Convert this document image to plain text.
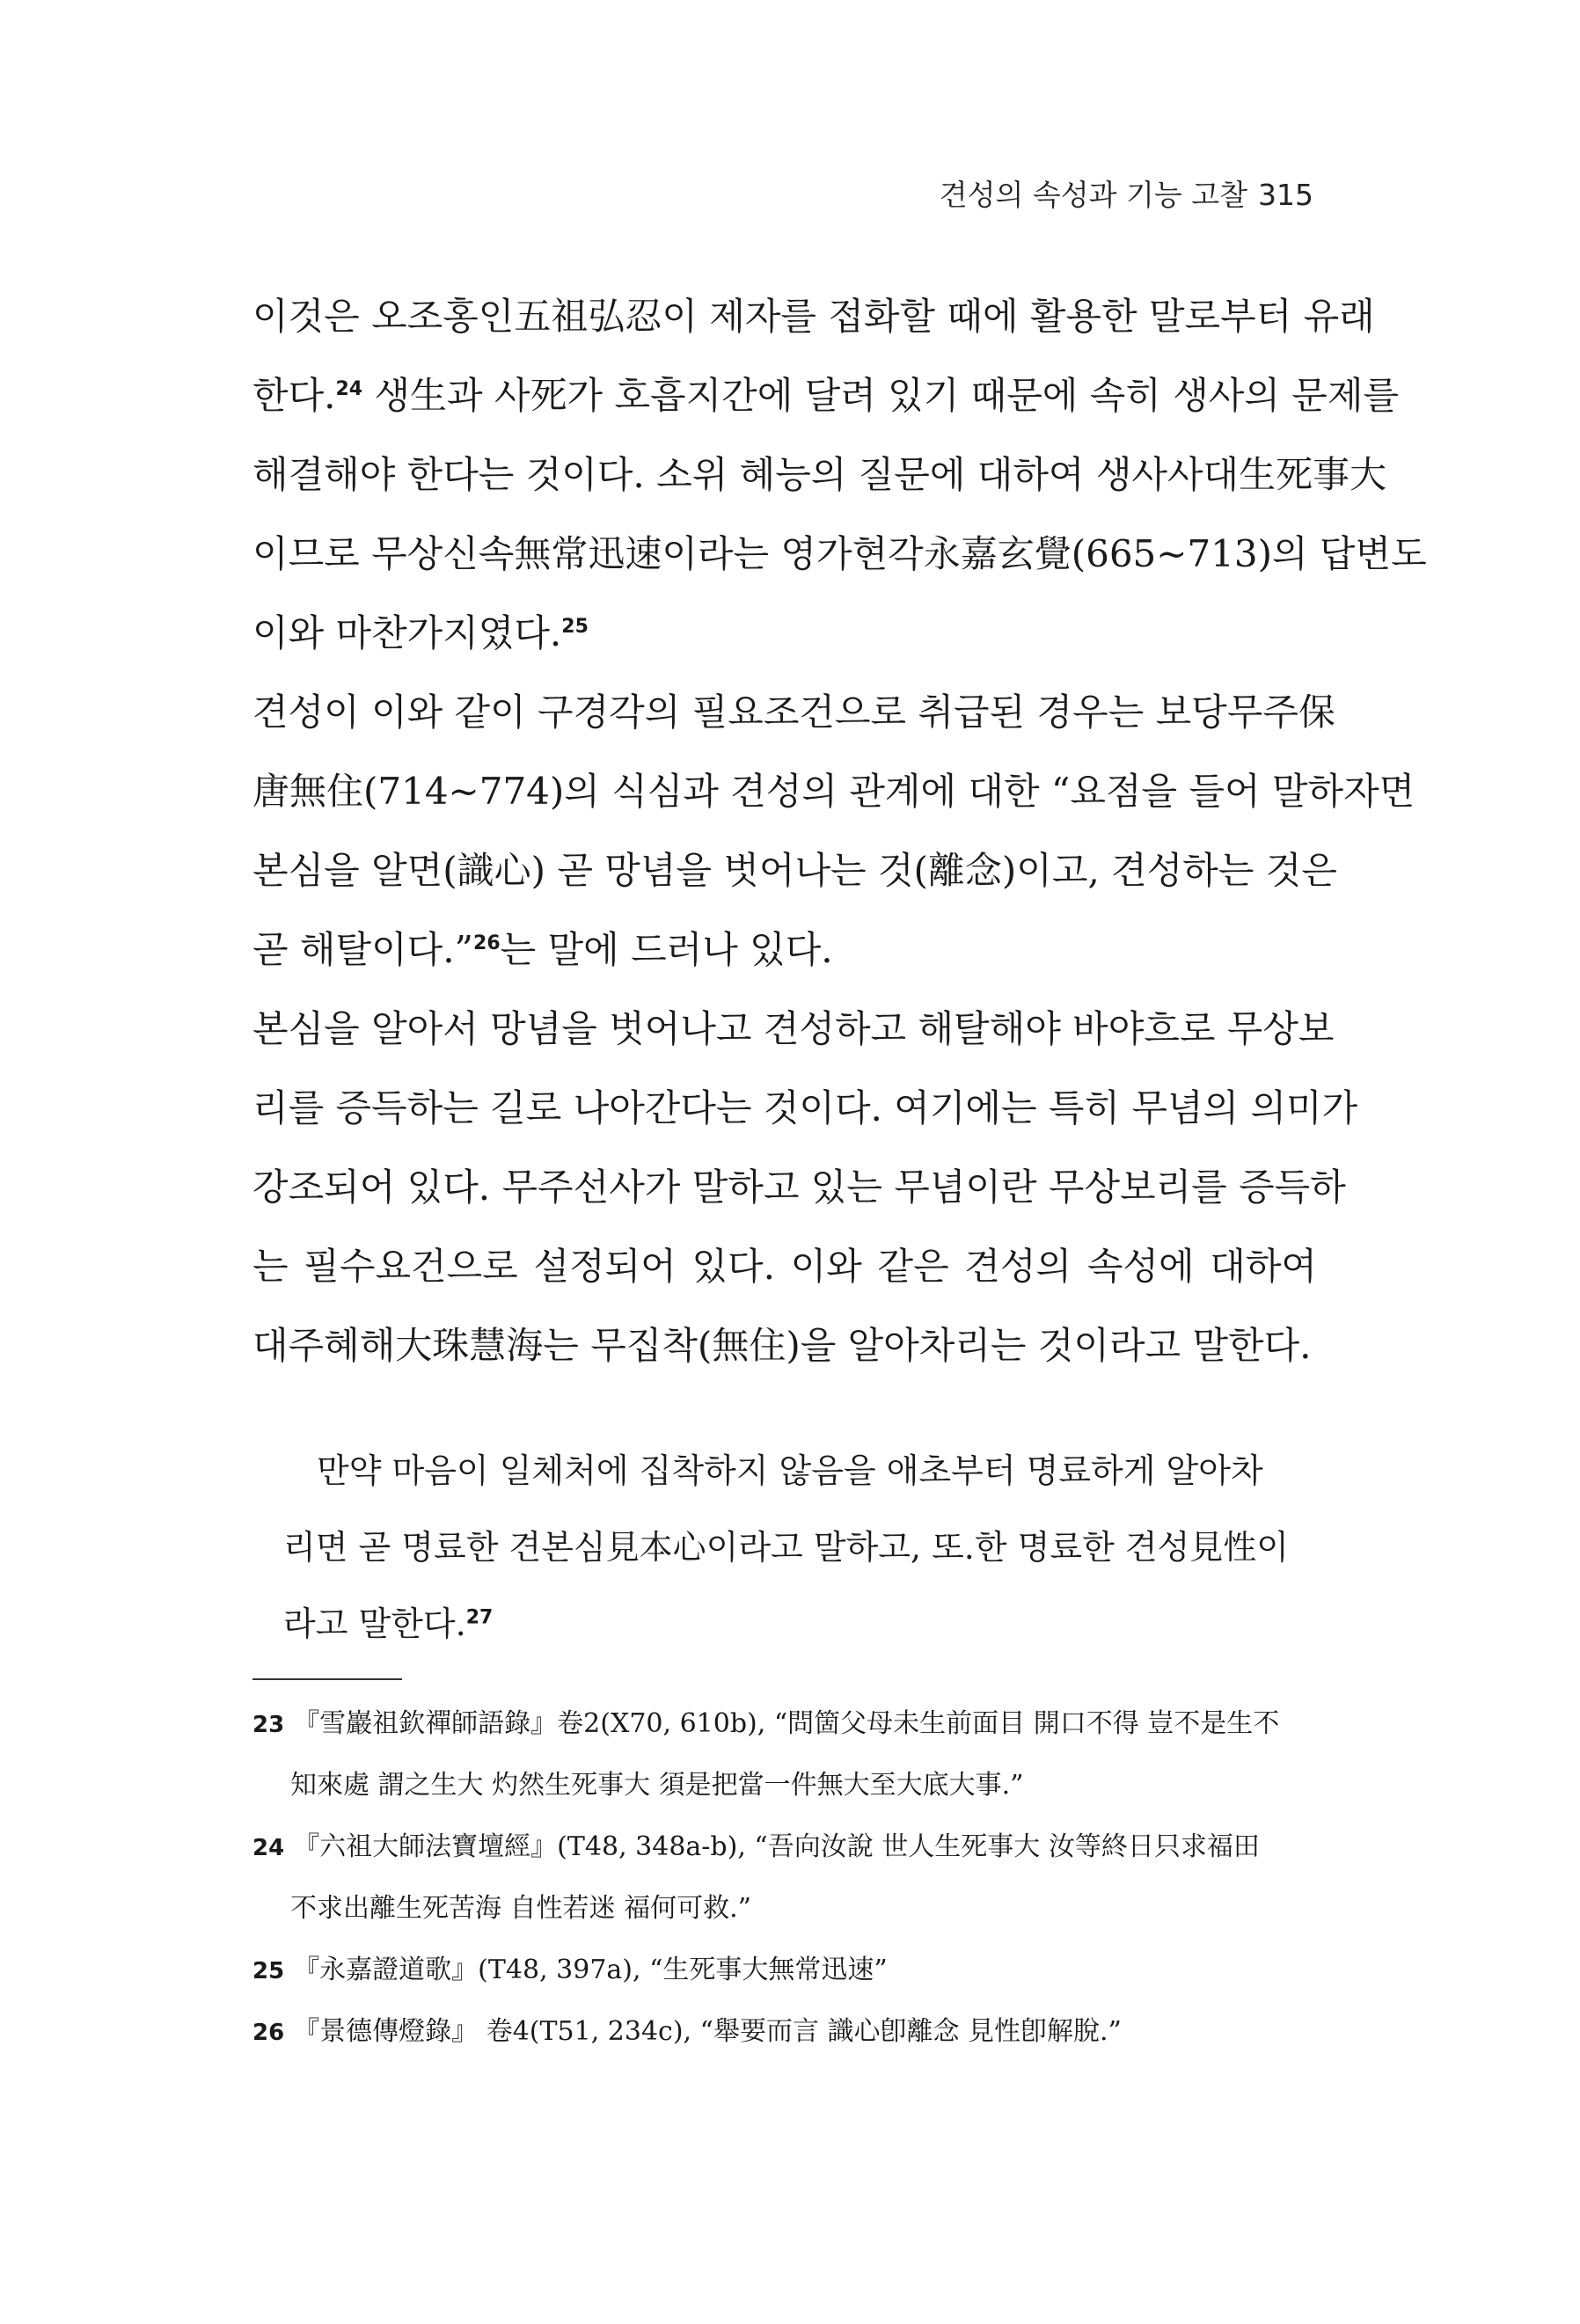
견성의 속성과 기능 고찰 315
이것은 오조홍인五祖弘忍이 제자를 접화할 때에 활용한 말로부터 유래
한다.$^{24}$ 생生과 사死가 호흡지간에 달려 있기 때문에 속히 생사의 문제를
해결해야 한다는 것이다. 소위 혜능의 질문에 대하여 생사사대生死事大
이므로 무상신속無常迅速이라는 영가현각永嘉玄覺(665~713)의 답변도
이와 마찬가지였다.$^{25}$
견성이 이와 같이 구경각의 필요조건으로 취급된 경우는 보당무주保
唐無住(714~774)의 식심과 견성의 관계에 대한 “요점을 들어 말하자면
본심을 알면(識心) 곧 망념을 벗어나는 것(離念)이고, 견성하는 것은
곧 해탈이다.”$^{26}$는 말에 드러나 있다.
본심을 알아서 망념을 벗어나고 견성하고 해탈해야 바야흐로 무상보
리를 증득하는 길로 나아간다는 것이다. 여기에는 특히 무념의 의미가
강조되어 있다. 무주선사가 말하고 있는 무념이란 무상보리를 증득하
는 필수요건으로 설정되어 있다. 이와 같은 견성의 속성에 대하여
대주혜해大珠慧海는 무집착(無住)을 알아차리는 것이라고 말한다.
만약 마음이 일체처에 집착하지 않음을 애초부터 명료하게 알아차
리면 곧 명료한 견본심見本心이라고 말하고, 또.한 명료한 견성見性이
라고 말한다.$^{27}$
23 『雪巖祖欽禪師語錄』卷2(X70, 610b), “問箇父母未生前面目 開口不得 豈不是生不
知來處 謂之生大 灼然生死事大 須是把當一件無大至大底大事.”
24 『六祖大師法寶壇經』(T48, 348a-b), “吾向汝說 世人生死事大 汝等終日只求福田
不求出離生死苦海 自性若迷 福何可救.”
25 『永嘉證道歌』(T48, 397a), “生死事大無常迅速”
26 『景德傳燈錄』 卷4(T51, 234c), “舉要而言 識心卽離念 見性卽解脫.”
